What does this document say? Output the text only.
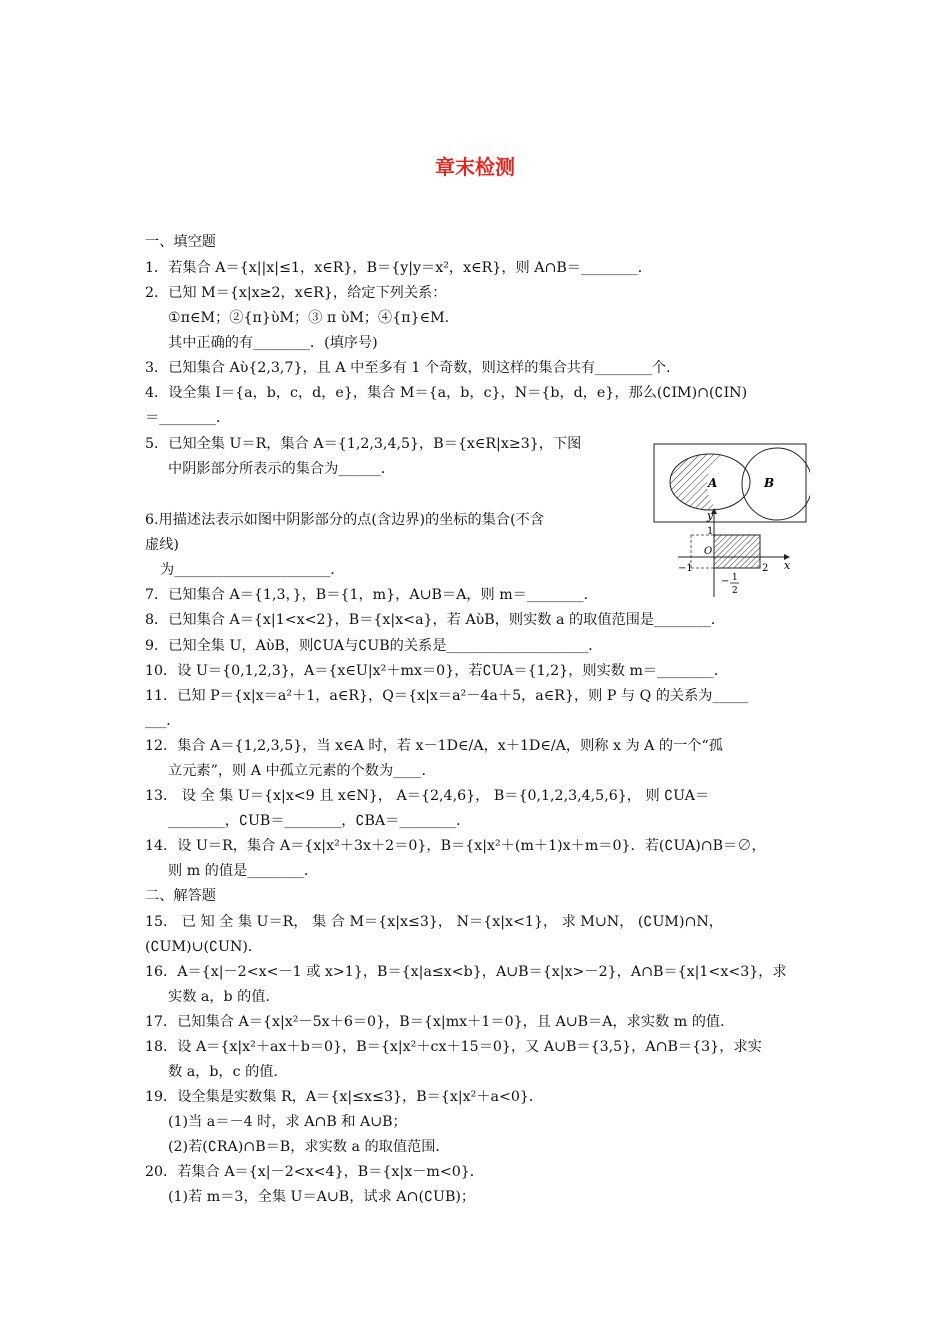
章末检测
一、填空题
1．若集合 A＝{x||x|≤1，x∈R}，B＝{y|y＝x²，x∈R}，则 A∩B＝________．
2．已知 M＝{x|x≥2，x∈R}，给定下列关系：
①π∈M；②{π}ὺM；③ π ὺM；④{π}∈M.
其中正确的有________．(填序号)
3．已知集合 Aὺ{2,3,7}，且 A 中至多有 1 个奇数，则这样的集合共有________个．
4．设全集 I＝{a，b，c，d，e}，集合 M＝{a，b，c}，N＝{b，d，e}，那么(∁IM)∩(∁IN)
＝________．
5．已知全集 U＝R，集合 A＝{1,2,3,4,5}，B＝{x∈R|x≥3}，下图
中阴影部分所表示的集合为______．
6.用描述法表示如图中阴影部分的点(含边界)的坐标的集合(不含
虚线)
为______________________．
7．已知集合 A＝{1,3，}，B＝{1，m}，A∪B＝A，则 m＝________．
8．已知集合 A＝{x|1<x<2}，B＝{x|x<a}，若 AὺB，则实数 a 的取值范围是________．
9．已知全集 U，AὺB，则∁UA与∁UB的关系是____________________．
10．设 U＝{0,1,2,3}，A＝{x∈U|x²＋mx＝0}，若∁UA＝{1,2}，则实数 m＝________．
11．已知 P＝{x|x＝a²＋1，a∈R}，Q＝{x|x＝a²－4a＋5，a∈R}，则 P 与 Q 的关系为_____
___．
12．集合 A＝{1,2,3,5}，当 x∈A 时，若 x－1D∈/A，x＋1D∈/A，则称 x 为 A 的一个“孤
立元素”，则 A 中孤立元素的个数为____．
13． 设 全 集 U＝{x|x<9 且 x∈N}， A＝{2,4,6}， B＝{0,1,2,3,4,5,6}， 则 ∁UA＝
________，∁UB＝________，∁BA＝________．
14．设 U＝R，集合 A＝{x|x²＋3x＋2＝0}，B＝{x|x²＋(m＋1)x＋m＝0}．若(∁UA)∩B＝∅，
则 m 的值是________．
二、解答题
15． 已 知 全 集 U＝R， 集 合 M＝{x|x≤3}， N＝{x|x<1}， 求 M∪N， (∁UM)∩N，
(∁UM)∪(∁UN)．
16．A＝{x|－2<x<－1 或 x>1}，B＝{x|a≤x<b}，A∪B＝{x|x>－2}，A∩B＝{x|1<x<3}，求
实数 a，b 的值．
17．已知集合 A＝{x|x²－5x＋6＝0}，B＝{x|mx＋1＝0}，且 A∪B＝A，求实数 m 的值．
18．设 A＝{x|x²＋ax＋b＝0}，B＝{x|x²＋cx＋15＝0}，又 A∪B＝{3,5}，A∩B＝{3}，求实
数 a，b，c 的值．
19．设全集是实数集 R，A＝{x|≤x≤3}，B＝{x|x²＋a<0}．
(1)当 a＝－4 时，求 A∩B 和 A∪B；
(2)若(∁RA)∩B＝B，求实数 a 的取值范围．
20．若集合 A＝{x|－2<x<4}，B＝{x|x－m<0}．
(1)若 m＝3，全集 U＝A∪B，试求 A∩(∁UB)；
A	B
y
x
O
1
−1	2
− 1
2
